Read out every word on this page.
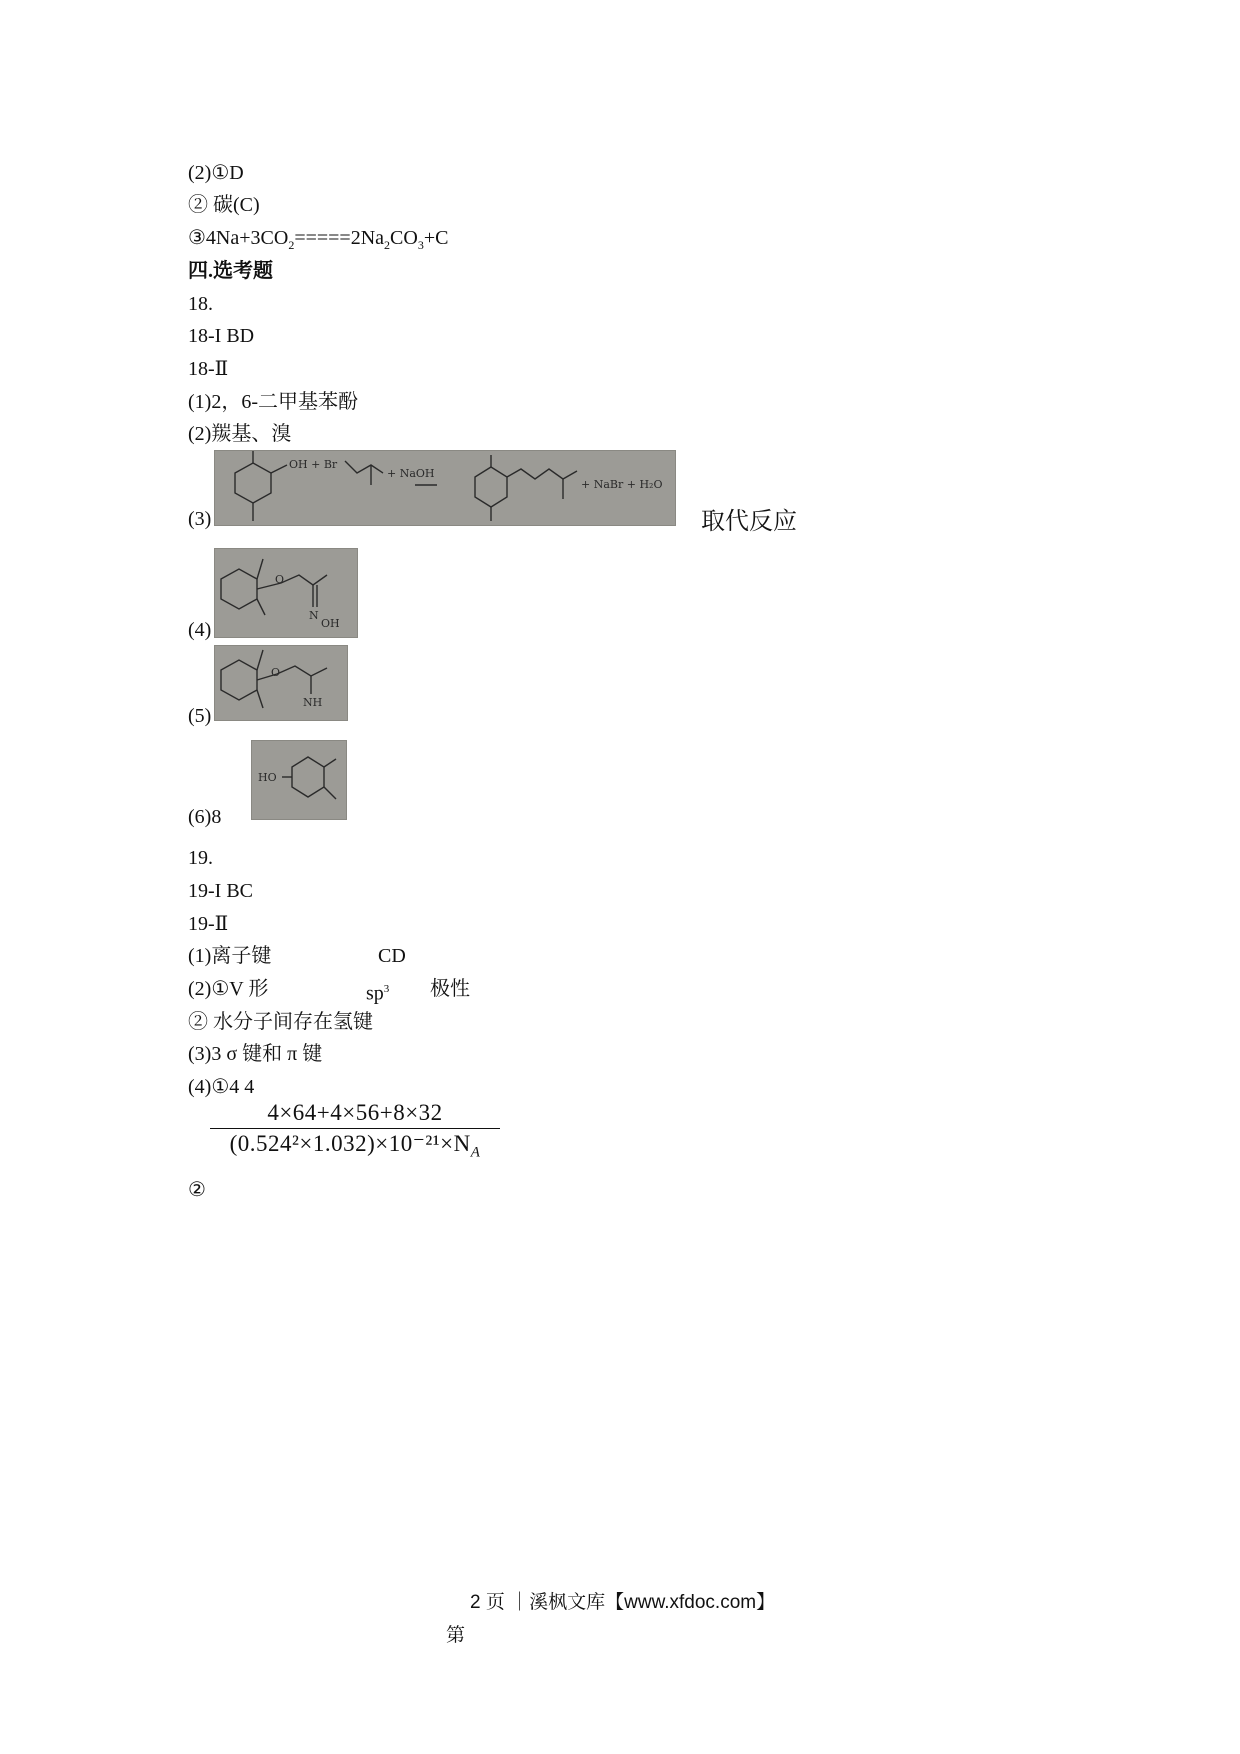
(2)①D
② 碳(C)
$③4Na+3CO_2=====2Na_2CO_3+C$
四.选考题
18.
18-I BD
18-Ⅱ
(1)2，6-二甲基苯酚
(2)羰基、溴
(3)
OH + Br
+ NaOH
+ NaBr + H₂O
取代反应
(4)
O
N
OH
(5)
O
NH
(6)8
HO
19.
19-I BC
19-Ⅱ
(1)离子键	CD
(2)①V 形	$sp^3$ 极性
② 水分子间存在氢键
(3)3 σ 键和 π 键
(4)①4 4
$\frac{4\times 64+4\times 56+8\times 32}{(0.524^2\times 1.032)\times 10^{-21}\times N_A}$
②
2 页 ｜溪枫文库【www.xfdoc.com】
第
